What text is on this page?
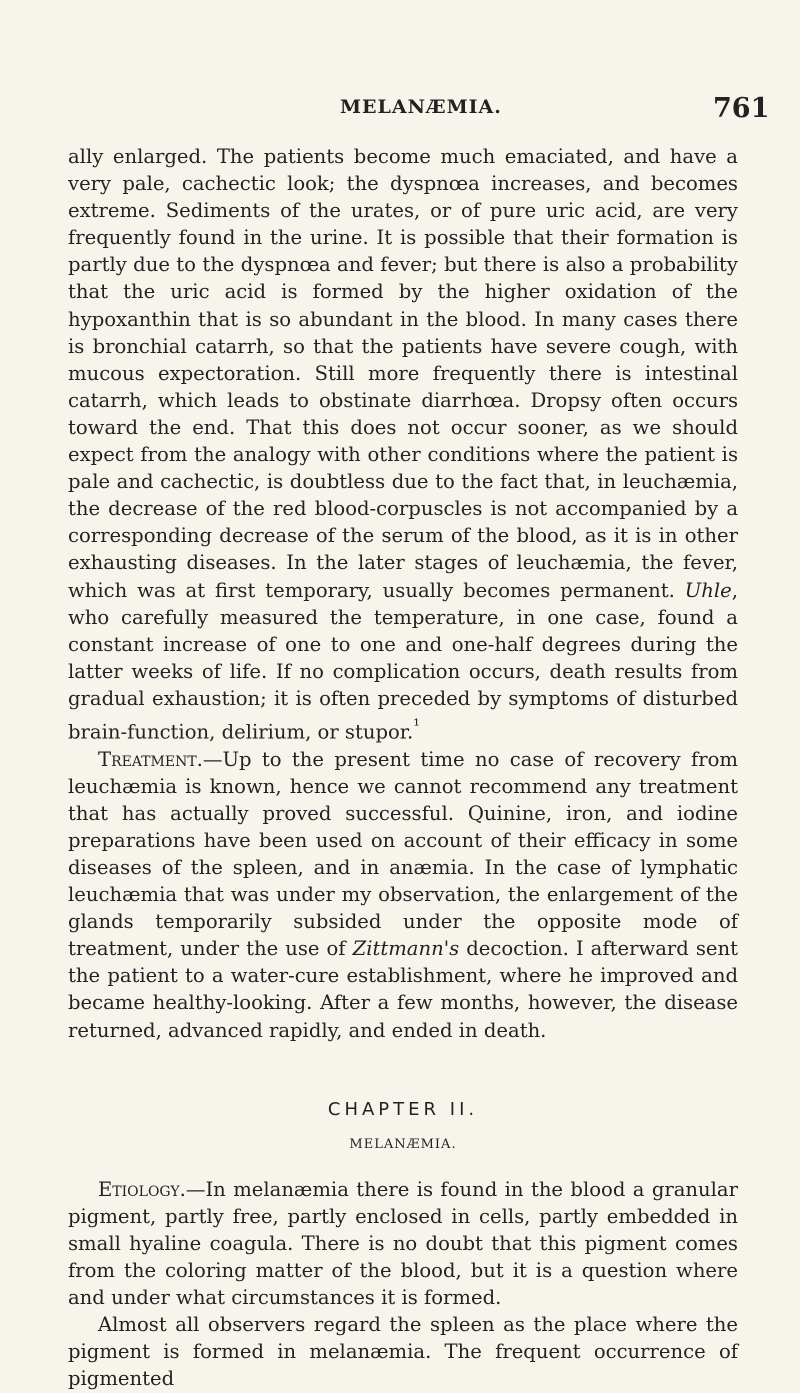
MELANÆMIA.	761

ally enlarged. The patients become much emaciated, and have a very pale, cachectic look; the dyspnœa increases, and becomes extreme. Sediments of the urates, or of pure uric acid, are very frequently found in the urine. It is possible that their formation is partly due to the dyspnœa and fever; but there is also a probability that the uric acid is formed by the higher oxidation of the hypoxanthin that is so abundant in the blood. In many cases there is bronchial catarrh, so that the patients have severe cough, with mucous expectoration. Still more frequently there is intestinal catarrh, which leads to obstinate diarrhœa. Dropsy often occurs toward the end. That this does not occur sooner, as we should expect from the analogy with other conditions where the patient is pale and cachectic, is doubtless due to the fact that, in leuchæmia, the decrease of the red blood-corpuscles is not accompanied by a corresponding decrease of the serum of the blood, as it is in other exhausting diseases. In the later stages of leuchæmia, the fever, which was at first temporary, usually becomes permanent. Uhle, who carefully measured the temperature, in one case, found a constant increase of one to one and one-half degrees during the latter weeks of life. If no complication occurs, death results from gradual exhaustion; it is often preceded by symptoms of disturbed brain-function, delirium, or stupor.$^{^1}$

Treatment.—Up to the present time no case of recovery from leuchæmia is known, hence we cannot recommend any treatment that has actually proved successful. Quinine, iron, and iodine preparations have been used on account of their efficacy in some diseases of the spleen, and in anæmia. In the case of lymphatic leuchæmia that was under my observation, the enlargement of the glands temporarily subsided under the opposite mode of treatment, under the use of Zittmann's decoction. I afterward sent the patient to a water-cure establishment, where he improved and became healthy-looking. After a few months, however, the disease returned, advanced rapidly, and ended in death.

CHAPTER II.
MELANÆMIA.

Etiology.—In melanæmia there is found in the blood a granular pigment, partly free, partly enclosed in cells, partly embedded in small hyaline coagula. There is no doubt that this pigment comes from the coloring matter of the blood, but it is a question where and under what circumstances it is formed.

Almost all observers regard the spleen as the place where the pigment is formed in melanæmia. The frequent occurrence of pigmented
